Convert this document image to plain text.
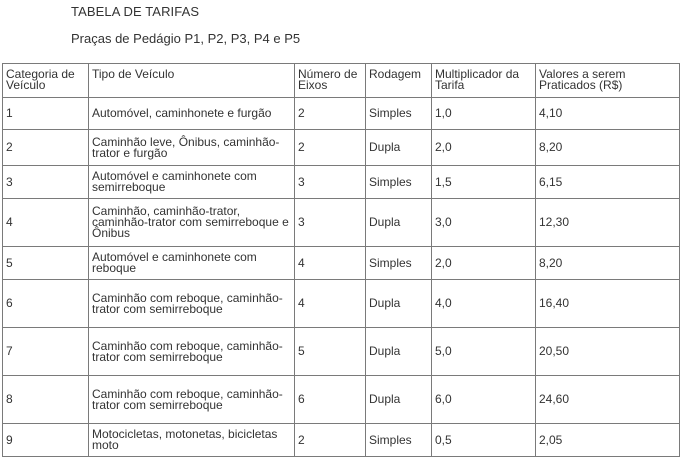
TABELA DE TARIFAS
Praças de Pedágio P1, P2, P3, P4 e P5
Categoria de Veículo	Tipo de Veículo	Número de Eixos	Rodagem	Multiplicador da Tarifa	Valores a serem Praticados (R$)
1	Automóvel, caminhonete e furgão	2	Simples	1,0	4,10
2	Caminhão leve, Ônibus, caminhão-trator e furgão	2	Dupla	2,0	8,20
3	Automóvel e caminhonete com semirreboque	3	Simples	1,5	6,15
4	Caminhão, caminhão-trator, caminhão-trator com semirreboque e Ônibus	3	Dupla	3,0	12,30
5	Automóvel e caminhonete com reboque	4	Simples	2,0	8,20
6	Caminhão com reboque, caminhão-trator com semirreboque	4	Dupla	4,0	16,40
7	Caminhão com reboque, caminhão-trator com semirreboque	5	Dupla	5,0	20,50
8	Caminhão com reboque, caminhão-trator com semirreboque	6	Dupla	6,0	24,60
9	Motocicletas, motonetas, bicicletas moto	2	Simples	0,5	2,05
